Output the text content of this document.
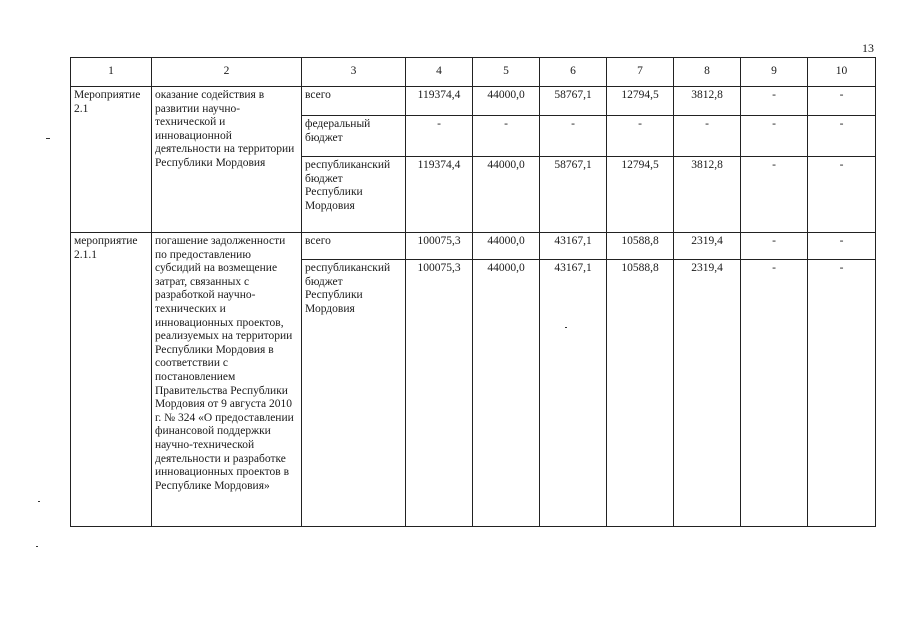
13
1	2	3	4	5	6	7	8	9	10
Мероприятие 2.1	оказание содействия в развитии научно-технической и инновационной деятельности на территории Республики Мордовия	всего	119374,4	44000,0	58767,1	12794,5	3812,8	-	-
		федеральный бюджет	-	-	-	-	-	-	-
		республиканский бюджет Республики Мордовия	119374,4	44000,0	58767,1	12794,5	3812,8	-	-
мероприятие 2.1.1	погашение задолженности по предоставлению субсидий на возмещение затрат, связанных с разработкой научно-технических и инновационных проектов, реализуемых на территории Республики Мордовия в соответствии с постановлением Правительства Республики Мордовия от 9 августа 2010 г. № 324 «О предоставлении финансовой поддержки научно-технической деятельности и разработке инновационных проектов в Республике Мордовия»	всего	100075,3	44000,0	43167,1	10588,8	2319,4	-	-
		республиканский бюджет Республики Мордовия	100075,3	44000,0	43167,1	10588,8	2319,4	-	-
